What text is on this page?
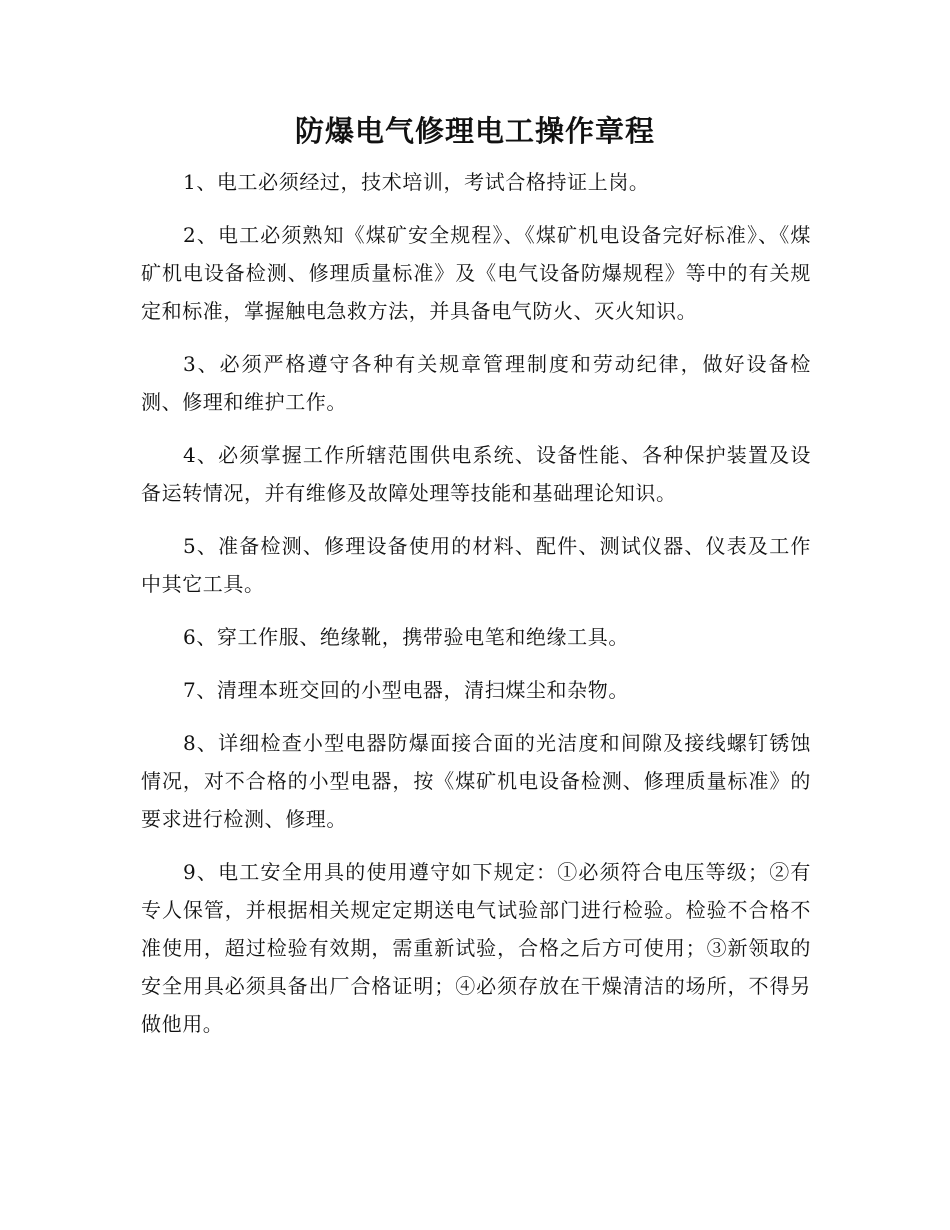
防爆电气修理电工操作章程

1、电工必须经过，技术培训，考试合格持证上岗。

2、电工必须熟知《煤矿安全规程》、《煤矿机电设备完好标准》、《煤矿机电设备检测、修理质量标准》及《电气设备防爆规程》等中的有关规定和标准，掌握触电急救方法，并具备电气防火、灭火知识。

3、必须严格遵守各种有关规章管理制度和劳动纪律，做好设备检测、修理和维护工作。

4、必须掌握工作所辖范围供电系统、设备性能、各种保护装置及设备运转情况，并有维修及故障处理等技能和基础理论知识。

5、准备检测、修理设备使用的材料、配件、测试仪器、仪表及工作中其它工具。

6、穿工作服、绝缘靴，携带验电笔和绝缘工具。

7、清理本班交回的小型电器，清扫煤尘和杂物。

8、详细检查小型电器防爆面接合面的光洁度和间隙及接线螺钉锈蚀情况，对不合格的小型电器，按《煤矿机电设备检测、修理质量标准》的要求进行检测、修理。

9、电工安全用具的使用遵守如下规定：①必须符合电压等级；②有专人保管，并根据相关规定定期送电气试验部门进行检验。检验不合格不准使用，超过检验有效期，需重新试验，合格之后方可使用；③新领取的安全用具必须具备出厂合格证明；④必须存放在干燥清洁的场所，不得另做他用。
